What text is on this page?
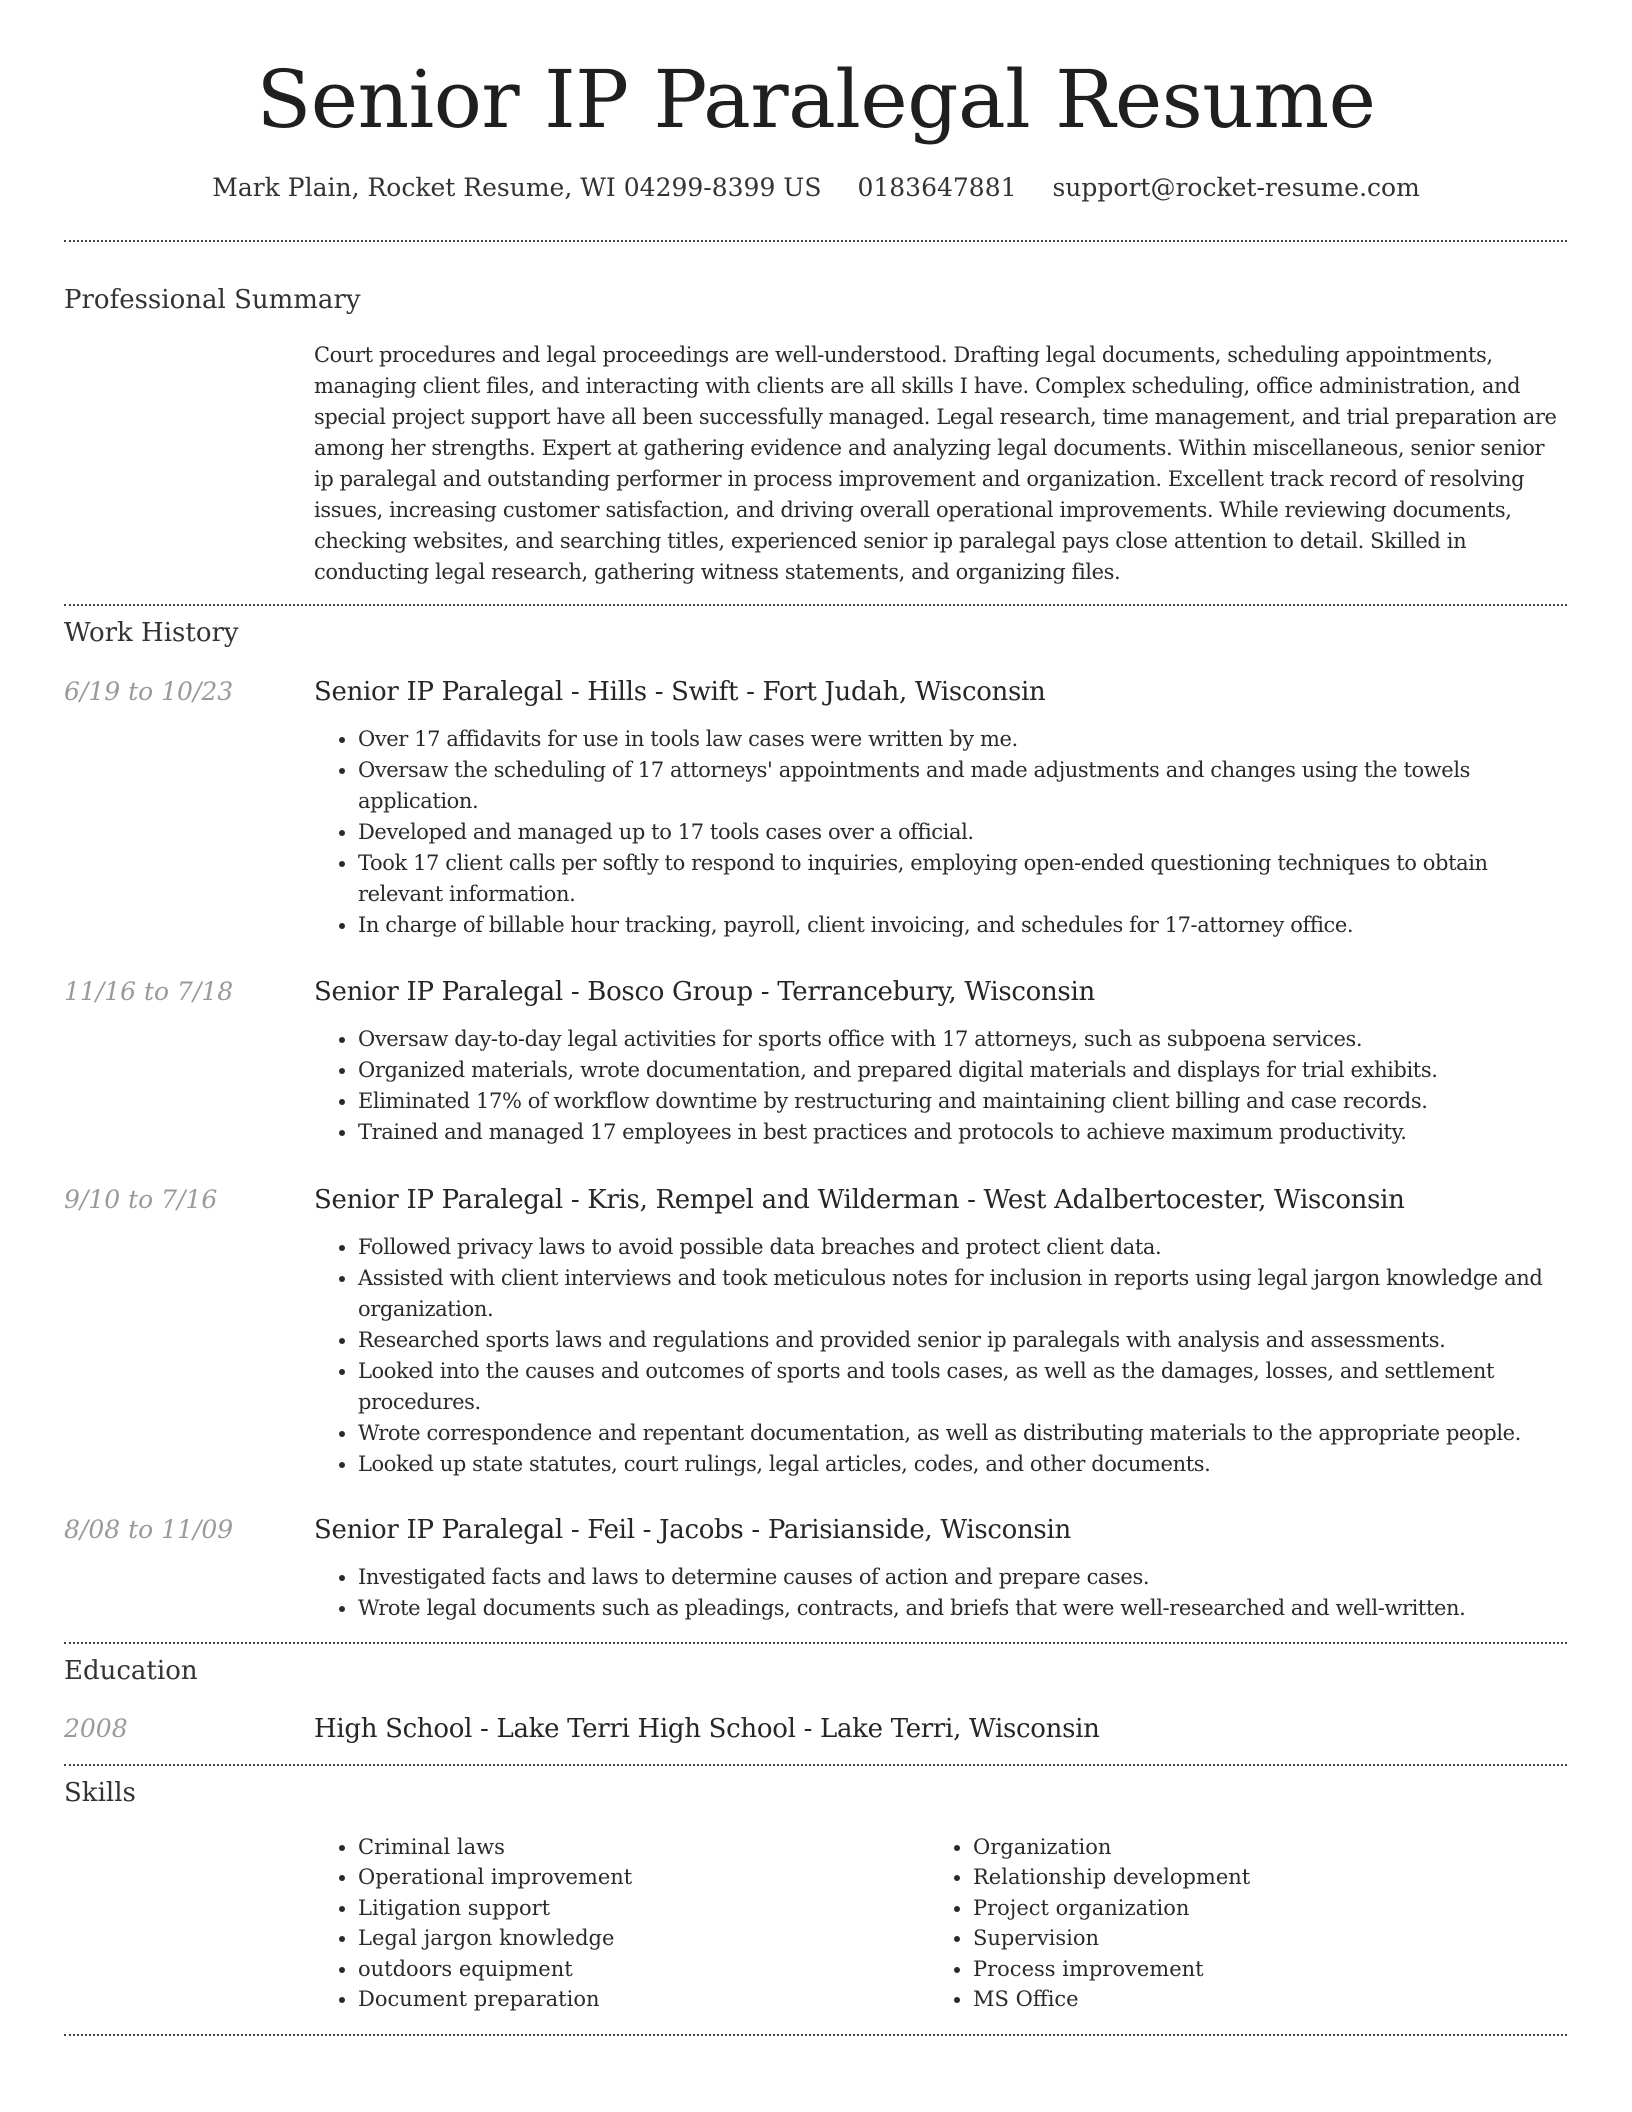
Senior IP Paralegal Resume
Mark Plain, Rocket Resume, WI 04299-8399 US 0183647881 support@rocket-resume.com
Professional Summary

Court procedures and legal proceedings are well-understood. Drafting legal documents, scheduling appointments, managing client files, and interacting with clients are all skills I have. Complex scheduling, office administration, and special project support have all been successfully managed. Legal research, time management, and trial preparation are among her strengths. Expert at gathering evidence and analyzing legal documents. Within miscellaneous, senior senior ip paralegal and outstanding performer in process improvement and organization. Excellent track record of resolving issues, increasing customer satisfaction, and driving overall operational improvements. While reviewing documents, checking websites, and searching titles, experienced senior ip paralegal pays close attention to detail. Skilled in conducting legal research, gathering witness statements, and organizing files.

Work History
6/19 to 10/23	Senior IP Paralegal - Hills - Swift - Fort Judah, Wisconsin
• Over 17 affidavits for use in tools law cases were written by me.
• Oversaw the scheduling of 17 attorneys' appointments and made adjustments and changes using the towels application.
• Developed and managed up to 17 tools cases over a official.
• Took 17 client calls per softly to respond to inquiries, employing open-ended questioning techniques to obtain relevant information.
• In charge of billable hour tracking, payroll, client invoicing, and schedules for 17-attorney office.
11/16 to 7/18	Senior IP Paralegal - Bosco Group - Terrancebury, Wisconsin
• Oversaw day-to-day legal activities for sports office with 17 attorneys, such as subpoena services.
• Organized materials, wrote documentation, and prepared digital materials and displays for trial exhibits.
• Eliminated 17% of workflow downtime by restructuring and maintaining client billing and case records.
• Trained and managed 17 employees in best practices and protocols to achieve maximum productivity.
9/10 to 7/16	Senior IP Paralegal - Kris, Rempel and Wilderman - West Adalbertocester, Wisconsin
• Followed privacy laws to avoid possible data breaches and protect client data.
• Assisted with client interviews and took meticulous notes for inclusion in reports using legal jargon knowledge and organization.
• Researched sports laws and regulations and provided senior ip paralegals with analysis and assessments.
• Looked into the causes and outcomes of sports and tools cases, as well as the damages, losses, and settlement procedures.
• Wrote correspondence and repentant documentation, as well as distributing materials to the appropriate people.
• Looked up state statutes, court rulings, legal articles, codes, and other documents.
8/08 to 11/09	Senior IP Paralegal - Feil - Jacobs - Parisianside, Wisconsin
• Investigated facts and laws to determine causes of action and prepare cases.
• Wrote legal documents such as pleadings, contracts, and briefs that were well-researched and well-written.
Education
2008	High School - Lake Terri High School - Lake Terri, Wisconsin
Skills
• Criminal laws
• Operational improvement
• Litigation support
• Legal jargon knowledge
• outdoors equipment
• Document preparation
• Organization
• Relationship development
• Project organization
• Supervision
• Process improvement
• MS Office
